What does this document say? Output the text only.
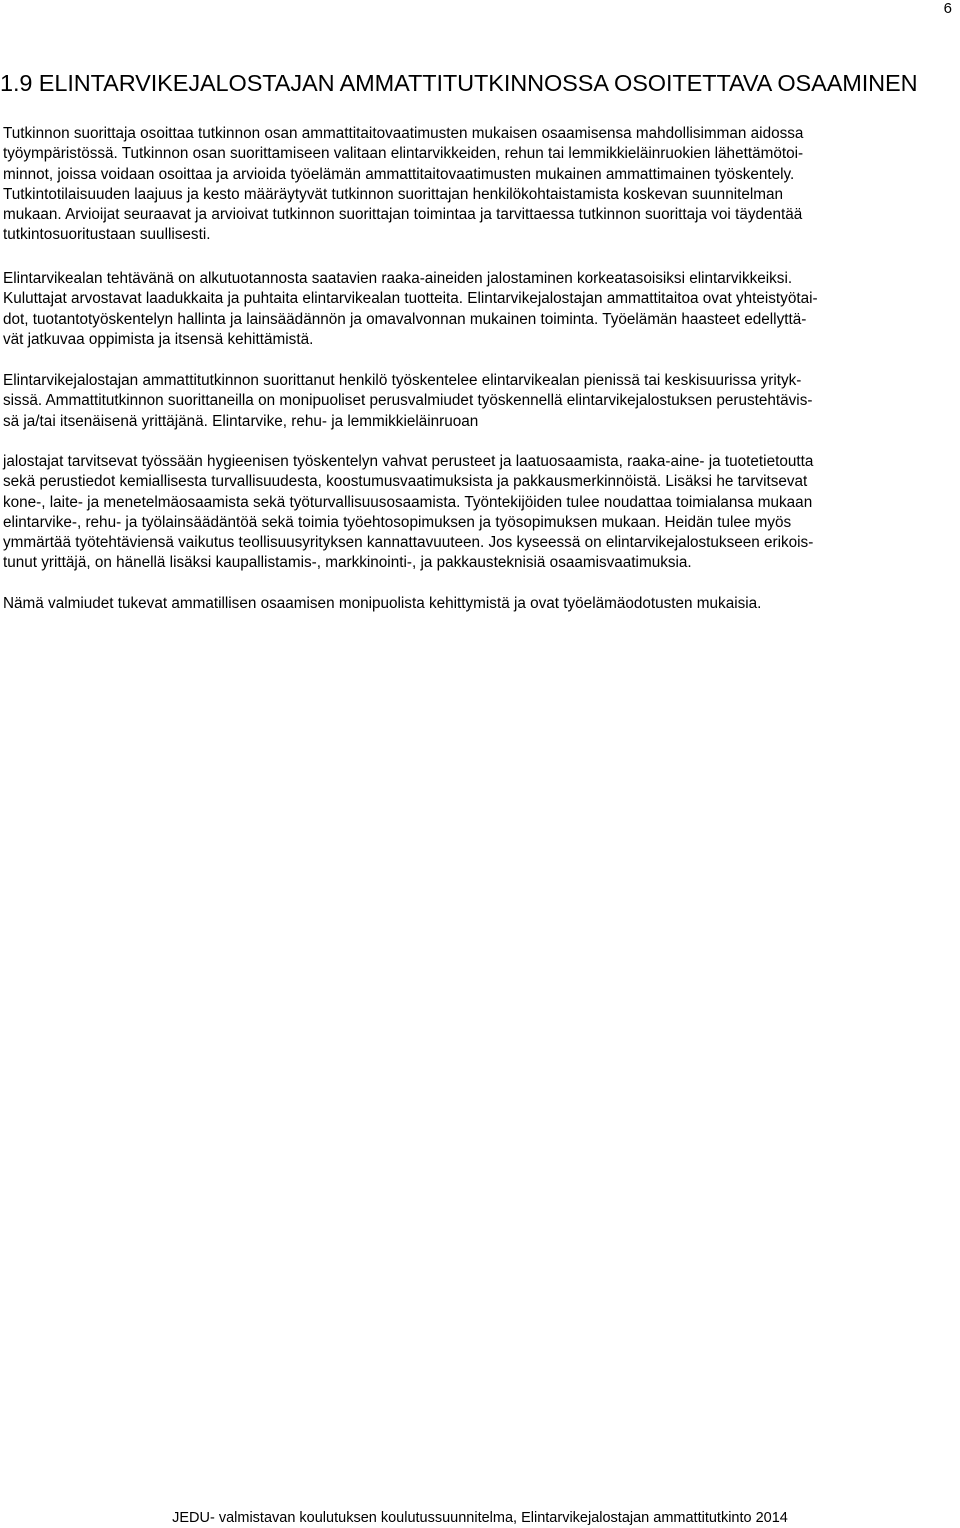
6
1.9 ELINTARVIKEJALOSTAJAN AMMATTITUTKINNOSSA OSOITETTAVA OSAAMINEN

Tutkinnon suorittaja osoittaa tutkinnon osan ammattitaitovaatimusten mukaisen osaamisensa mahdollisimman aidossa
työympäristössä. Tutkinnon osan suorittamiseen valitaan elintarvikkeiden, rehun tai lemmikkieläinruokien lähettämötoi-
minnot, joissa voidaan osoittaa ja arvioida työelämän ammattitaitovaatimusten mukainen ammattimainen työskentely.
Tutkintotilaisuuden laajuus ja kesto määräytyvät tutkinnon suorittajan henkilökohtaistamista koskevan suunnitelman
mukaan. Arvioijat seuraavat ja arvioivat tutkinnon suorittajan toimintaa ja tarvittaessa tutkinnon suorittaja voi täydentää
tutkintosuoritustaan suullisesti.

Elintarvikealan tehtävänä on alkutuotannosta saatavien raaka-aineiden jalostaminen korkeatasoisiksi elintarvikkeiksi.
Kuluttajat arvostavat laadukkaita ja puhtaita elintarvikealan tuotteita. Elintarvikejalostajan ammattitaitoa ovat yhteistyötai-
dot, tuotantotyöskentelyn hallinta ja lainsäädännön ja omavalvonnan mukainen toiminta. Työelämän haasteet edellyttä-
vät jatkuvaa oppimista ja itsensä kehittämistä.

Elintarvikejalostajan ammattitutkinnon suorittanut henkilö työskentelee elintarvikealan pienissä tai keskisuurissa yrityk-
sissä. Ammattitutkinnon suorittaneilla on monipuoliset perusvalmiudet työskennellä elintarvikejalostuksen perustehtävis-
sä ja/tai itsenäisenä yrittäjänä. Elintarvike, rehu- ja lemmikkieläinruoan

jalostajat tarvitsevat työssään hygieenisen työskentelyn vahvat perusteet ja laatuosaamista, raaka-aine- ja tuotetietoutta
sekä perustiedot kemiallisesta turvallisuudesta, koostumusvaatimuksista ja pakkausmerkinnöistä. Lisäksi he tarvitsevat
kone-, laite- ja menetelmäosaamista sekä työturvallisuusosaamista. Työntekijöiden tulee noudattaa toimialansa mukaan
elintarvike-, rehu- ja työlainsäädäntöä sekä toimia työehtosopimuksen ja työsopimuksen mukaan. Heidän tulee myös
ymmärtää työtehtäviensä vaikutus teollisuusyrityksen kannattavuuteen. Jos kyseessä on elintarvikejalostukseen erikois-
tunut yrittäjä, on hänellä lisäksi kaupallistamis-, markkinointi-, ja pakkausteknisiä osaamisvaatimuksia.

Nämä valmiudet tukevat ammatillisen osaamisen monipuolista kehittymistä ja ovat työelämäodotusten mukaisia.

JEDU- valmistavan koulutuksen koulutussuunnitelma, Elintarvikejalostajan ammattitutkinto 2014
